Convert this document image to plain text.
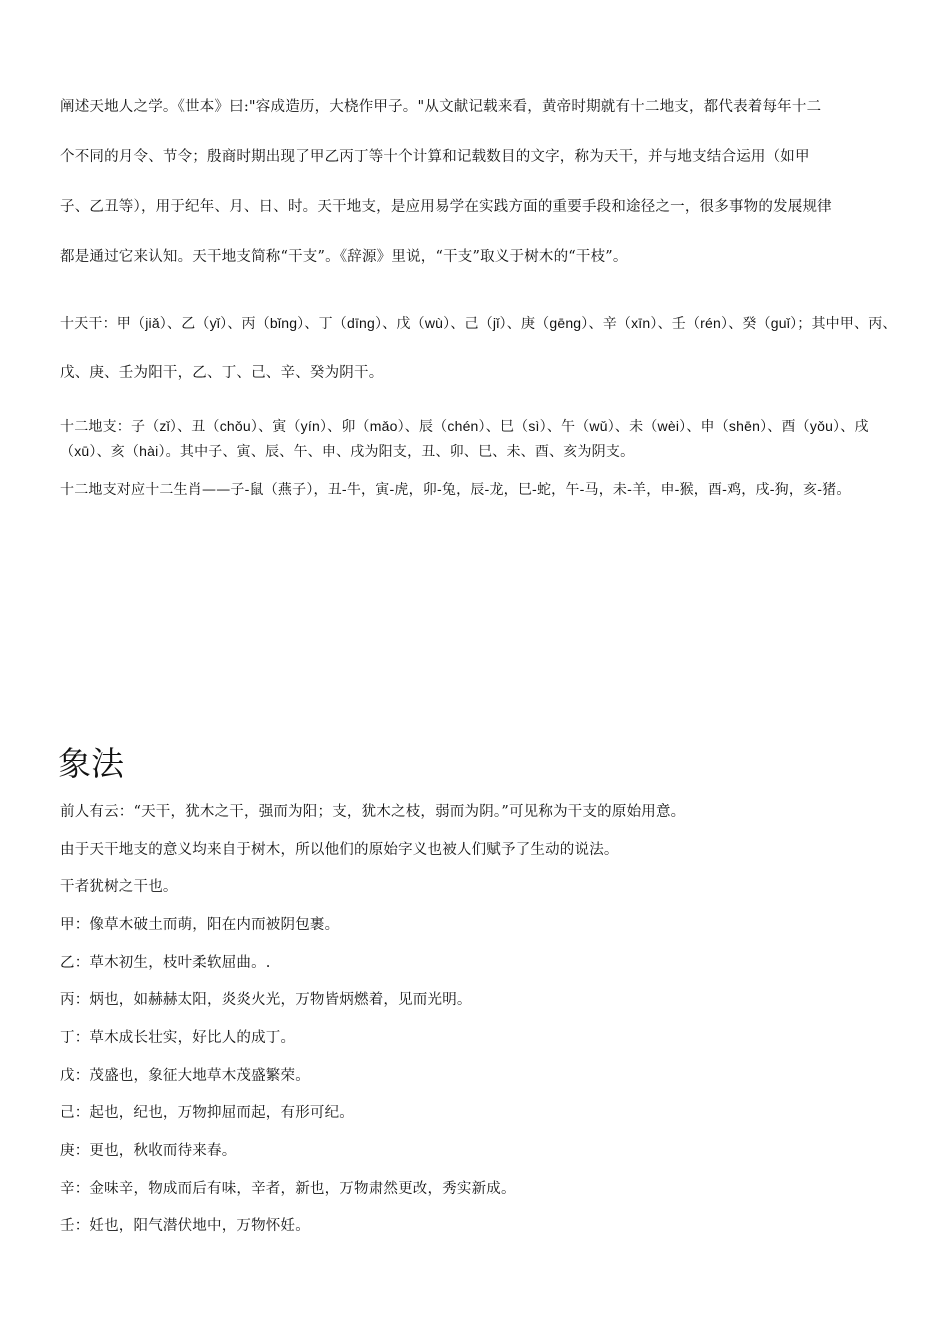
阐述天地人之学。《世本》曰:"容成造历，大桡作甲子。"从文献记载来看，黄帝时期就有十二地支，都代表着每年十二

个不同的月令、节令；殷商时期出现了甲乙丙丁等十个计算和记载数目的文字，称为天干，并与地支结合运用（如甲

子、乙丑等），用于纪年、月、日、时。天干地支，是应用易学在实践方面的重要手段和途径之一，很多事物的发展规律

都是通过它来认知。天干地支简称“干支”。《辞源》里说，“干支”取义于树木的“干枝”。

十天干：甲（jiǎ）、乙（yǐ）、丙（bǐng）、丁（dīng）、戊（wù）、己（jǐ）、庚（gēng）、辛（xīn）、壬（rén）、癸（guǐ）；其中甲、丙、

戊、庚、壬为阳干，乙、丁、己、辛、癸为阴干。

十二地支：子（zǐ）、丑（chǒu）、寅（yín）、卯（mǎo）、辰（chén）、巳（sì）、午（wǔ）、未（wèi）、申（shēn）、酉（yǒu）、戌

（xū）、亥（hài）。其中子、寅、辰、午、申、戌为阳支，丑、卯、巳、未、酉、亥为阴支。

十二地支对应十二生肖——子-鼠（燕子），丑-牛，寅-虎，卯-兔，辰-龙，巳-蛇，午-马，未-羊，申-猴，酉-鸡，戌-狗，亥-猪。

象法

前人有云：“天干，犹木之干，强而为阳；支，犹木之枝，弱而为阴。”可见称为干支的原始用意。

由于天干地支的意义均来自于树木，所以他们的原始字义也被人们赋予了生动的说法。

干者犹树之干也。

甲：像草木破土而萌，阳在内而被阴包裹。

乙：草木初生，枝叶柔软屈曲。.

丙：炳也，如赫赫太阳，炎炎火光，万物皆炳燃着，见而光明。

丁：草木成长壮实，好比人的成丁。

戊：茂盛也，象征大地草木茂盛繁荣。

己：起也，纪也，万物抑屈而起，有形可纪。

庚：更也，秋收而待来春。

辛：金味辛，物成而后有味，辛者，新也，万物肃然更改，秀实新成。

壬：妊也，阳气潜伏地中，万物怀妊。
